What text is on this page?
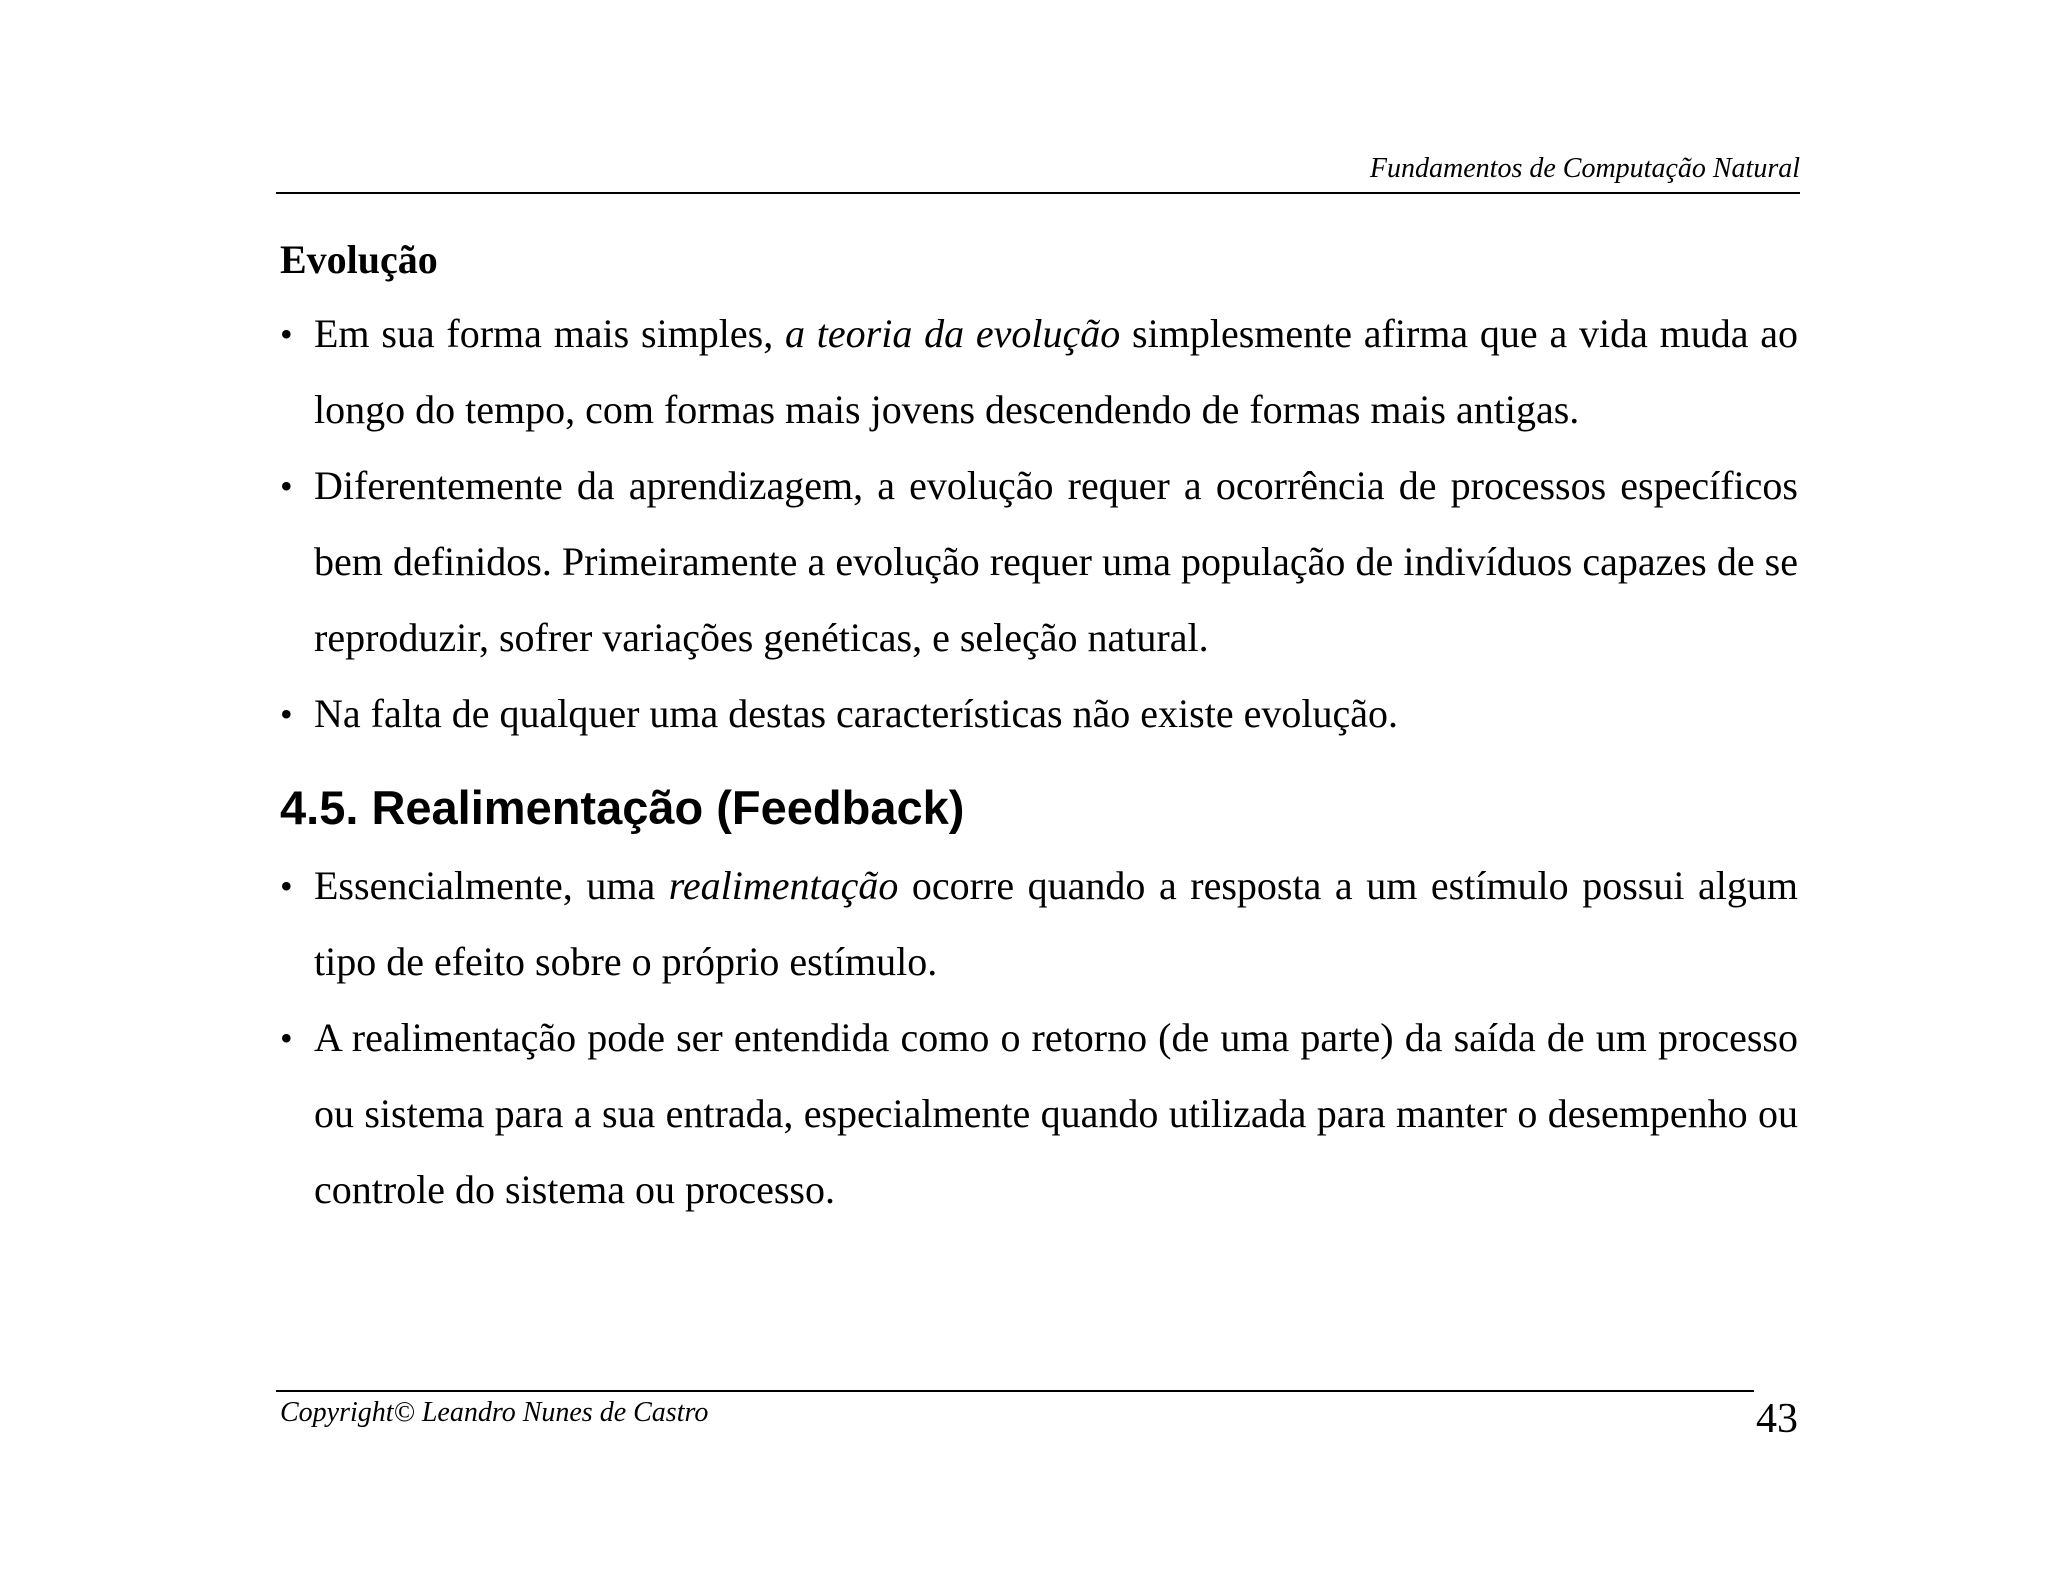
Fundamentos de Computação Natural
Evolução
• Em sua forma mais simples, a teoria da evolução simplesmente afirma que a vida muda ao longo do tempo, com formas mais jovens descendendo de formas mais antigas.
• Diferentemente da aprendizagem, a evolução requer a ocorrência de processos específicos bem definidos. Primeiramente a evolução requer uma população de indivíduos capazes de se reproduzir, sofrer variações genéticas, e seleção natural.
• Na falta de qualquer uma destas características não existe evolução.
4.5. Realimentação (Feedback)
• Essencialmente, uma realimentação ocorre quando a resposta a um estímulo possui algum tipo de efeito sobre o próprio estímulo.
• A realimentação pode ser entendida como o retorno (de uma parte) da saída de um processo ou sistema para a sua entrada, especialmente quando utilizada para manter o desempenho ou controle do sistema ou processo.
Copyright© Leandro Nunes de Castro	43
